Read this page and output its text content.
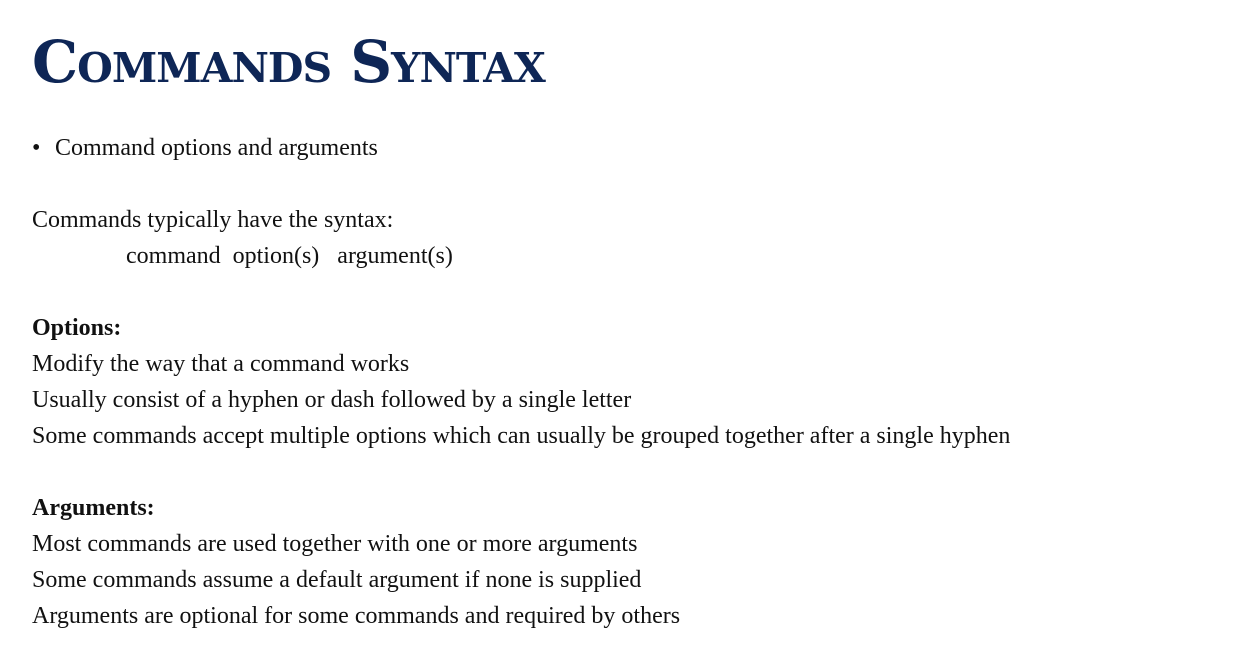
Commands Syntax
• Command options and arguments
Commands typically have the syntax:
command  option(s)   argument(s)
Options:
Modify the way that a command works
Usually consist of a hyphen or dash followed by a single letter
Some commands accept multiple options which can usually be grouped together after a single hyphen
Arguments:
Most commands are used together with one or more arguments
Some commands assume a default argument if none is supplied
Arguments are optional for some commands and required by others
